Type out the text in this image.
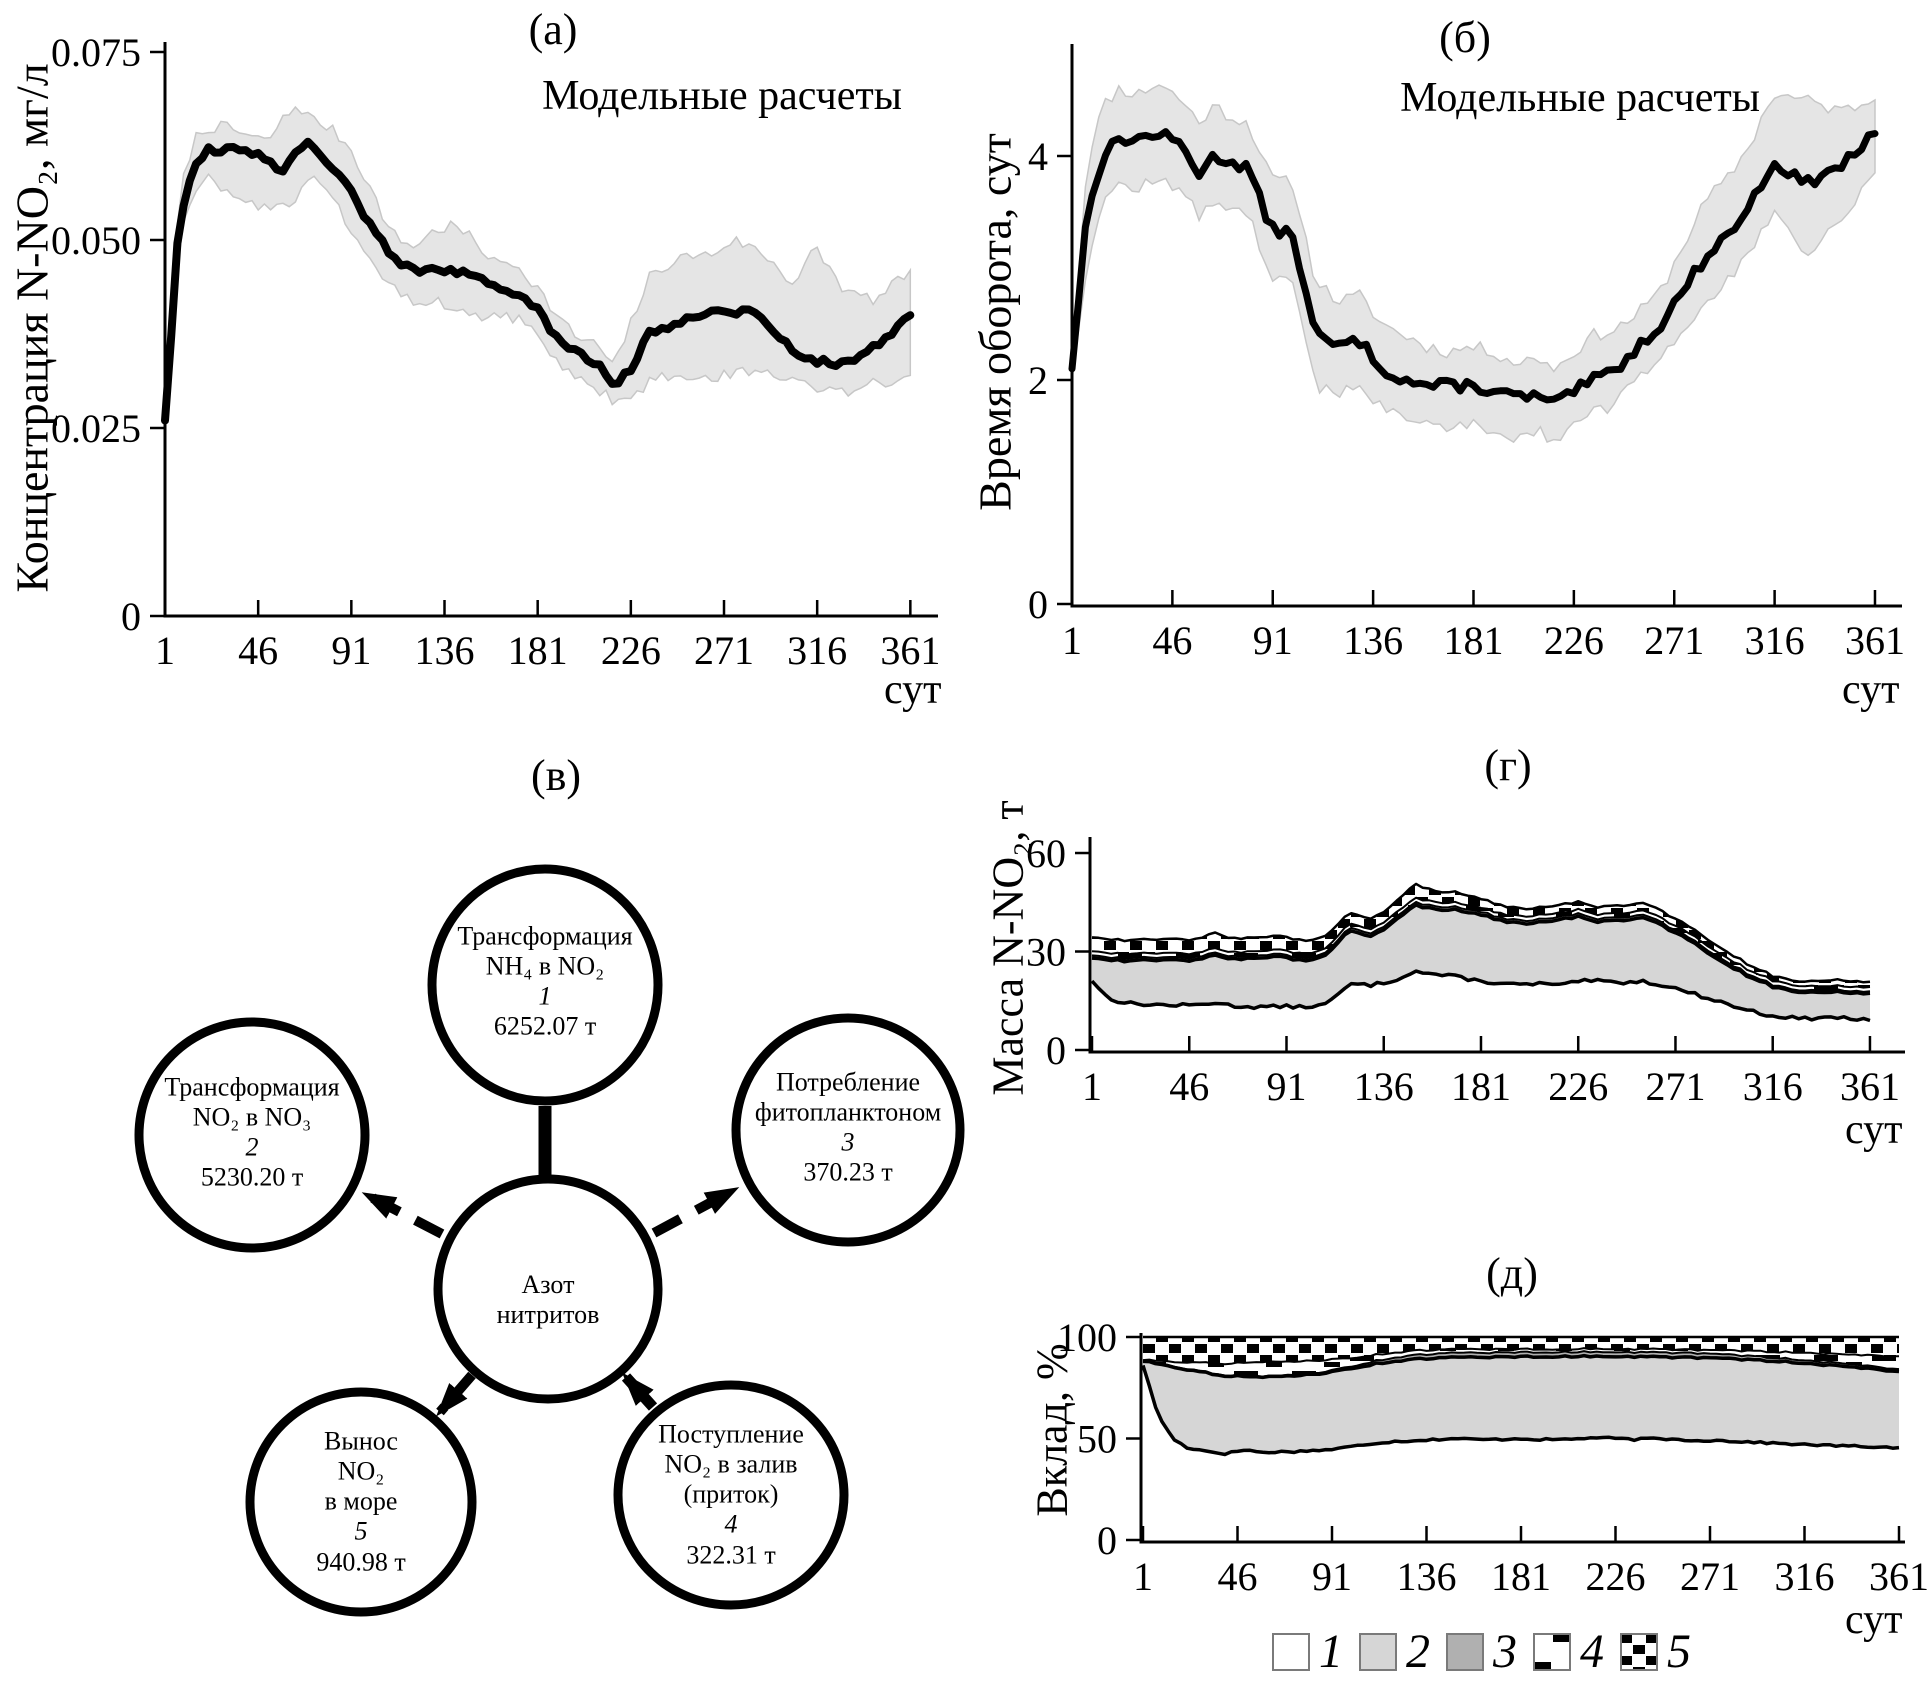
(а)
Модельные расчеты
Концентрация N-NO₂, мг/л
0
0.025
0.050
0.075
1 46 91 136 181 226 271 316 361
сут
(б)
Модельные расчеты
Время оборота, сут
0
2
4
1 46 91 136 181 226 271 316 361
сут
(в)
Трансформация
NH₄ в NO₂
1
6252.07 т
Трансформация
NO₂ в NO₃
2
5230.20 т
Потребление
фитопланктоном
3
370.23 т
Азот
нитритов
Вынос
NO₂
в море
5
940.98 т
Поступление
NO₂ в залив
(приток)
4
322.31 т
(г)
Масса N-NO₂, т 0
30
60
1 46 91 136 181 226 271 316 361
сут
(д)
Вклад, %
0
50
100
1 46 91 136 181 226 271 316 361
сут
1 2 3 4 5
